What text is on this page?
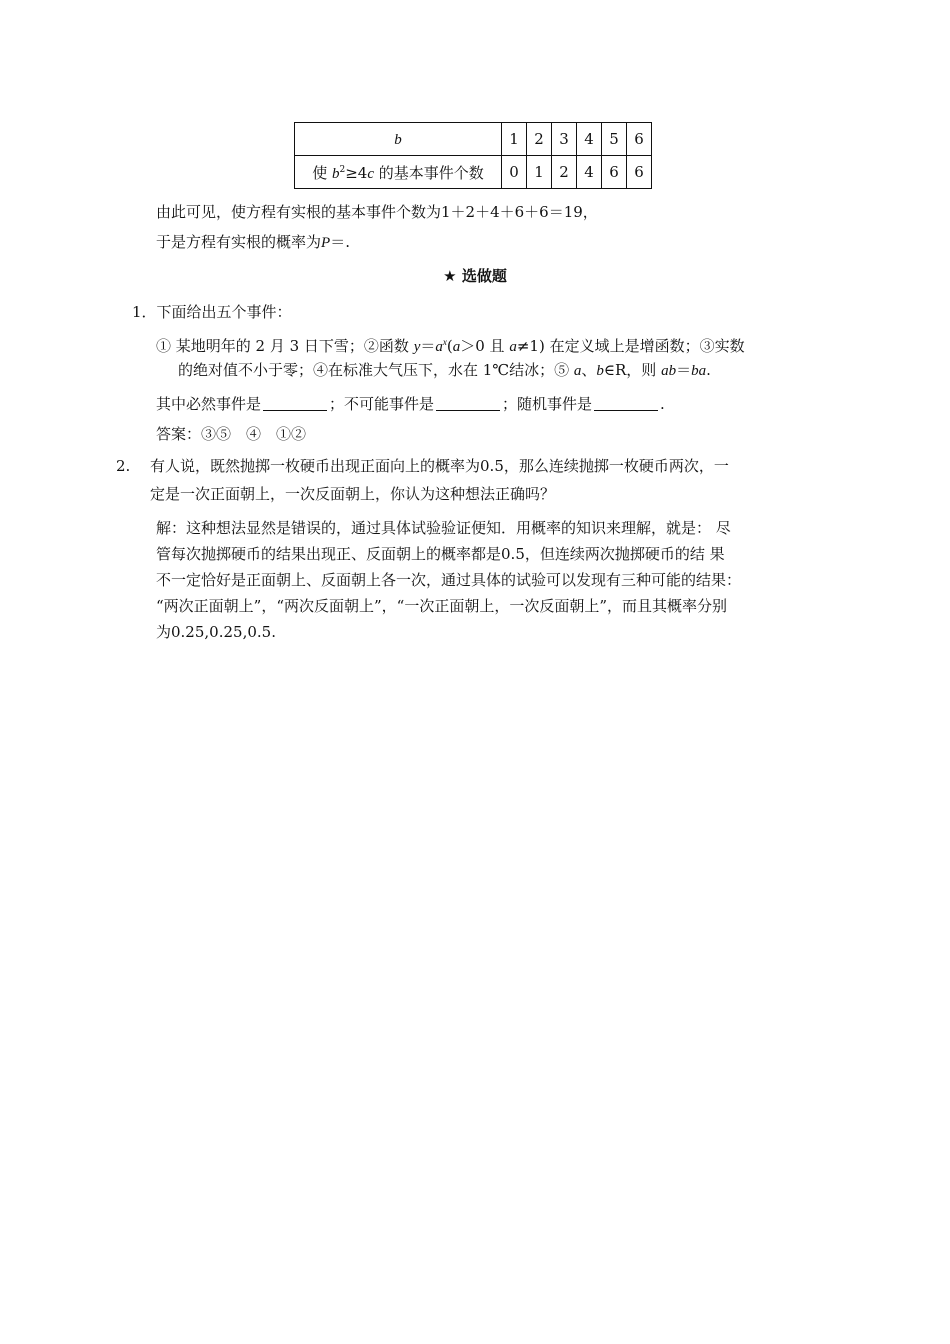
b	1	2	3	4	5	6
使 $b^2\ge 4c$ 的基本事件个数	0	1	2	4	6	6
由此可见，使方程有实根的基本事件个数为1＋2＋4＋6＋6＝19，
于是方程有实根的概率为P＝.
★ 选做题
1．下面给出五个事件：
① 某地明年的 2 月 3 日下雪；②函数 $y=a^x(a>0$ 且 a≠1) 在定义域上是增函数；③实数
的绝对值不小于零；④在标准大气压下，水在 1℃结冰；⑤ a、b∈R，则 ab＝ba.
其中必然事件是	；不可能事件是	；随机事件是	.
答案：③⑤　④　①②
2. 有人说，既然抛掷一枚硬币出现正面向上的概率为0.5，那么连续抛掷一枚硬币两次，一
定是一次正面朝上，一次反面朝上，你认为这种想法正确吗？
解：这种想法显然是错误的，通过具体试验验证便知．用概率的知识来理解，就是： 尽
管每次抛掷硬币的结果出现正、反面朝上的概率都是0.5，但连续两次抛掷硬币的结 果
不一定恰好是正面朝上、反面朝上各一次，通过具体的试验可以发现有三种可能的结果：
“两次正面朝上”，“两次反面朝上”，“一次正面朝上，一次反面朝上”，而且其概率分别
为0.25,0.25,0.5.
